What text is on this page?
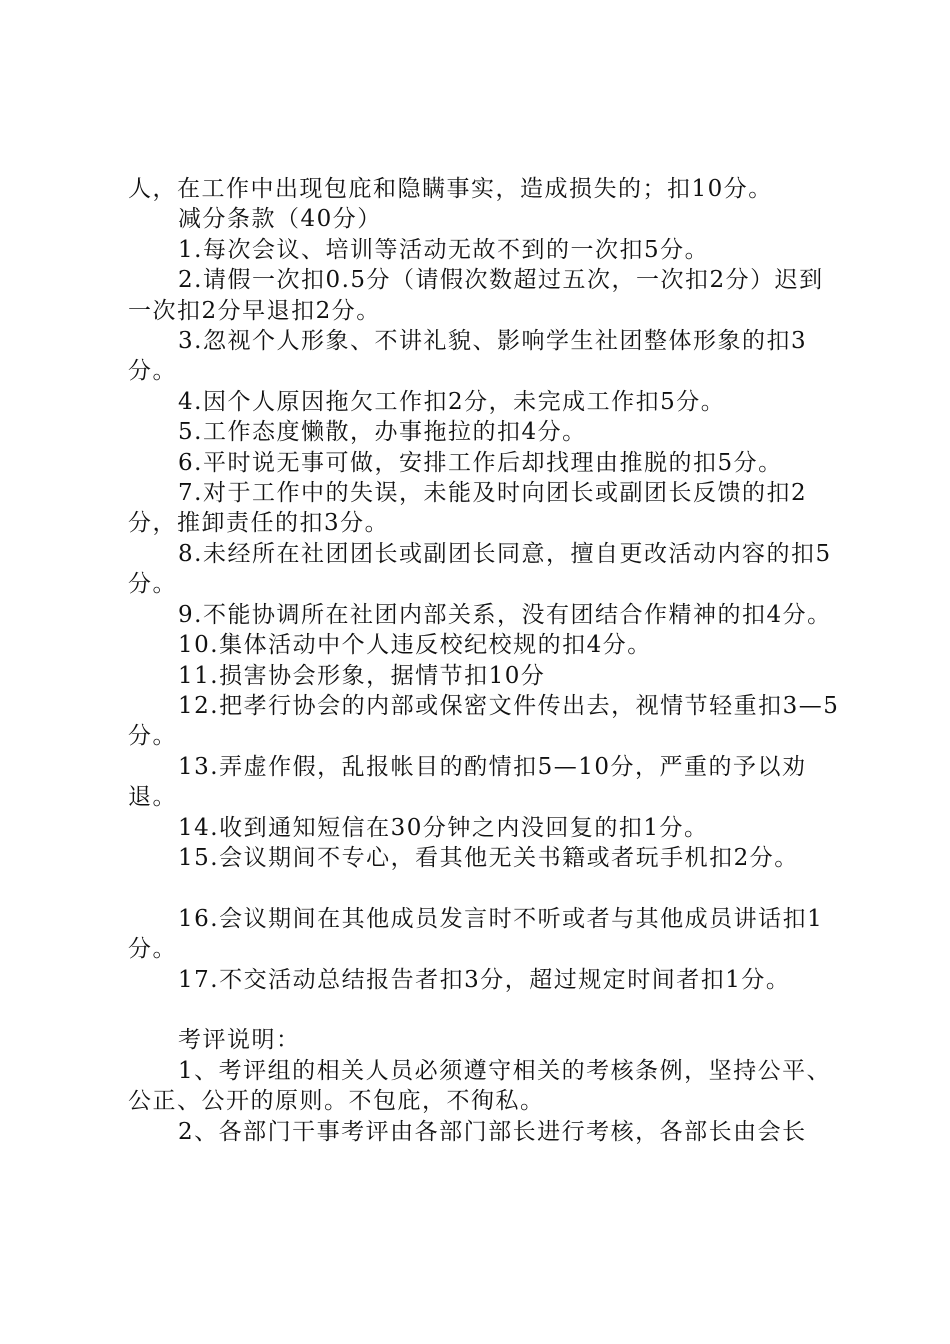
人，在工作中出现包庇和隐瞒事实，造成损失的；扣10分。

减分条款（40分）

1.每次会议、培训等活动无故不到的一次扣5分。

2.请假一次扣0.5分（请假次数超过五次，一次扣2分）迟到一次扣2分早退扣2分。

3.忽视个人形象、不讲礼貌、影响学生社团整体形象的扣3分。

4.因个人原因拖欠工作扣2分，未完成工作扣5分。

5.工作态度懒散，办事拖拉的扣4分。

6.平时说无事可做，安排工作后却找理由推脱的扣5分。

7.对于工作中的失误，未能及时向团长或副团长反馈的扣2分，推卸责任的扣3分。

8.未经所在社团团长或副团长同意，擅自更改活动内容的扣5分。

9.不能协调所在社团内部关系，没有团结合作精神的扣4分。

10.集体活动中个人违反校纪校规的扣4分。

11.损害协会形象，据情节扣10分

12.把孝行协会的内部或保密文件传出去，视情节轻重扣3—5分。

13.弄虚作假，乱报帐目的酌情扣5—10分，严重的予以劝退。

14.收到通知短信在30分钟之内没回复的扣1分。

15.会议期间不专心，看其他无关书籍或者玩手机扣2分。

16.会议期间在其他成员发言时不听或者与其他成员讲话扣1分。

17.不交活动总结报告者扣3分，超过规定时间者扣1分。

考评说明：

1、考评组的相关人员必须遵守相关的考核条例，坚持公平、公正、公开的原则。不包庇，不徇私。

2、各部门干事考评由各部门部长进行考核，各部长由会长
